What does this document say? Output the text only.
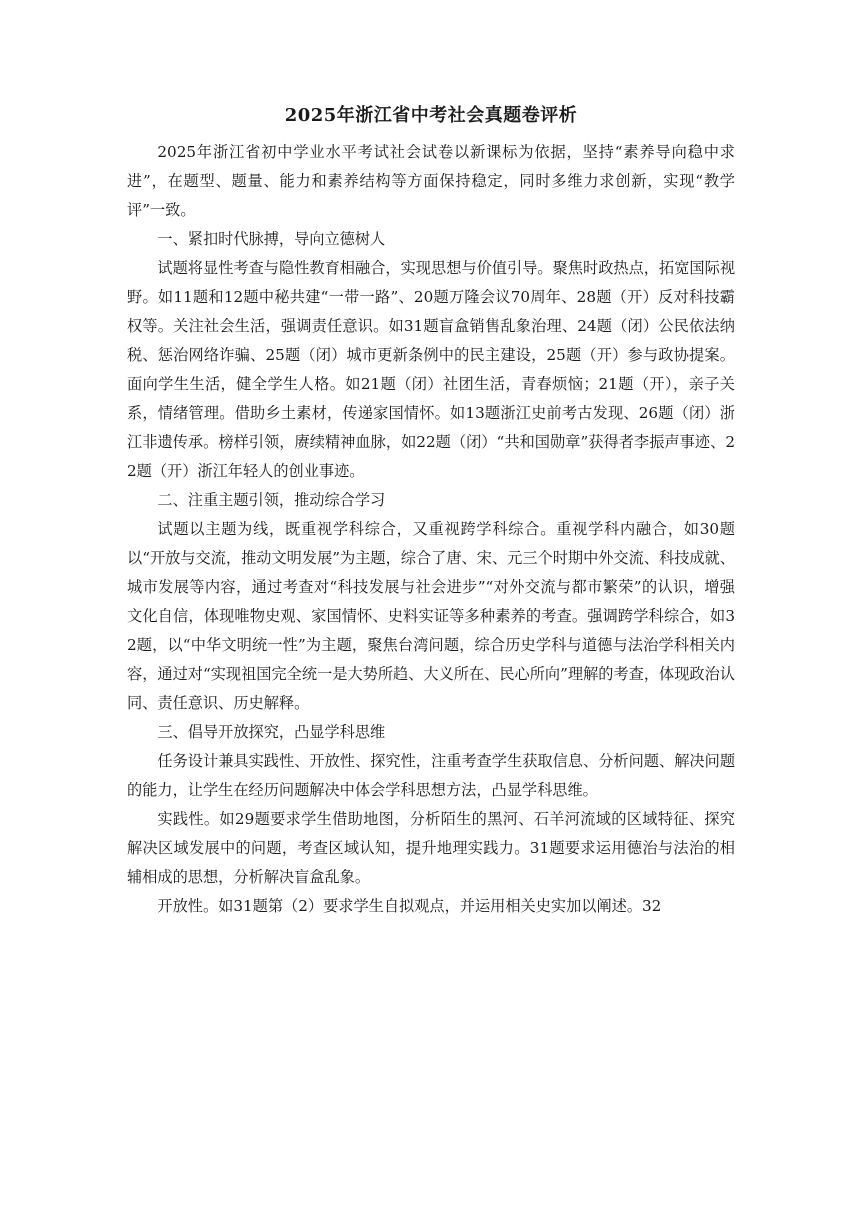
2025年浙江省中考社会真题卷评析

2025年浙江省初中学业水平考试社会试卷以新课标为依据，坚持“素养导向稳中求进”，在题型、题量、能力和素养结构等方面保持稳定，同时多维力求创新，实现“教学评”一致。

一、紧扣时代脉搏，导向立德树人

试题将显性考查与隐性教育相融合，实现思想与价值引导。聚焦时政热点，拓宽国际视野。如11题和12题中秘共建“一带一路”、20题万隆会议70周年、28题（开）反对科技霸权等。关注社会生活，强调责任意识。如31题盲盒销售乱象治理、24题（闭）公民依法纳税、惩治网络诈骗、25题（闭）城市更新条例中的民主建设，25题（开）参与政协提案。面向学生生活，健全学生人格。如21题（闭）社团生活，青春烦恼；21题（开），亲子关系，情绪管理。借助乡土素材，传递家国情怀。如13题浙江史前考古发现、26题（闭）浙江非遗传承。榜样引领，赓续精神血脉，如22题（闭）“共和国勋章”获得者李振声事迹、22题（开）浙江年轻人的创业事迹。

二、注重主题引领，推动综合学习

试题以主题为线，既重视学科综合，又重视跨学科综合。重视学科内融合，如30题以“开放与交流，推动文明发展”为主题，综合了唐、宋、元三个时期中外交流、科技成就、城市发展等内容，通过考查对“科技发展与社会进步”“对外交流与都市繁荣”的认识，增强文化自信，体现唯物史观、家国情怀、史料实证等多种素养的考查。强调跨学科综合，如32题，以“中华文明统一性”为主题，聚焦台湾问题，综合历史学科与道德与法治学科相关内容，通过对“实现祖国完全统一是大势所趋、大义所在、民心所向”理解的考查，体现政治认同、责任意识、历史解释。

三、倡导开放探究，凸显学科思维

任务设计兼具实践性、开放性、探究性，注重考查学生获取信息、分析问题、解决问题的能力，让学生在经历问题解决中体会学科思想方法，凸显学科思维。

实践性。如29题要求学生借助地图，分析陌生的黑河、石羊河流域的区域特征、探究解决区域发展中的问题，考查区域认知，提升地理实践力。31题要求运用德治与法治的相辅相成的思想，分析解决盲盒乱象。

开放性。如31题第（2）要求学生自拟观点，并运用相关史实加以阐述。32
